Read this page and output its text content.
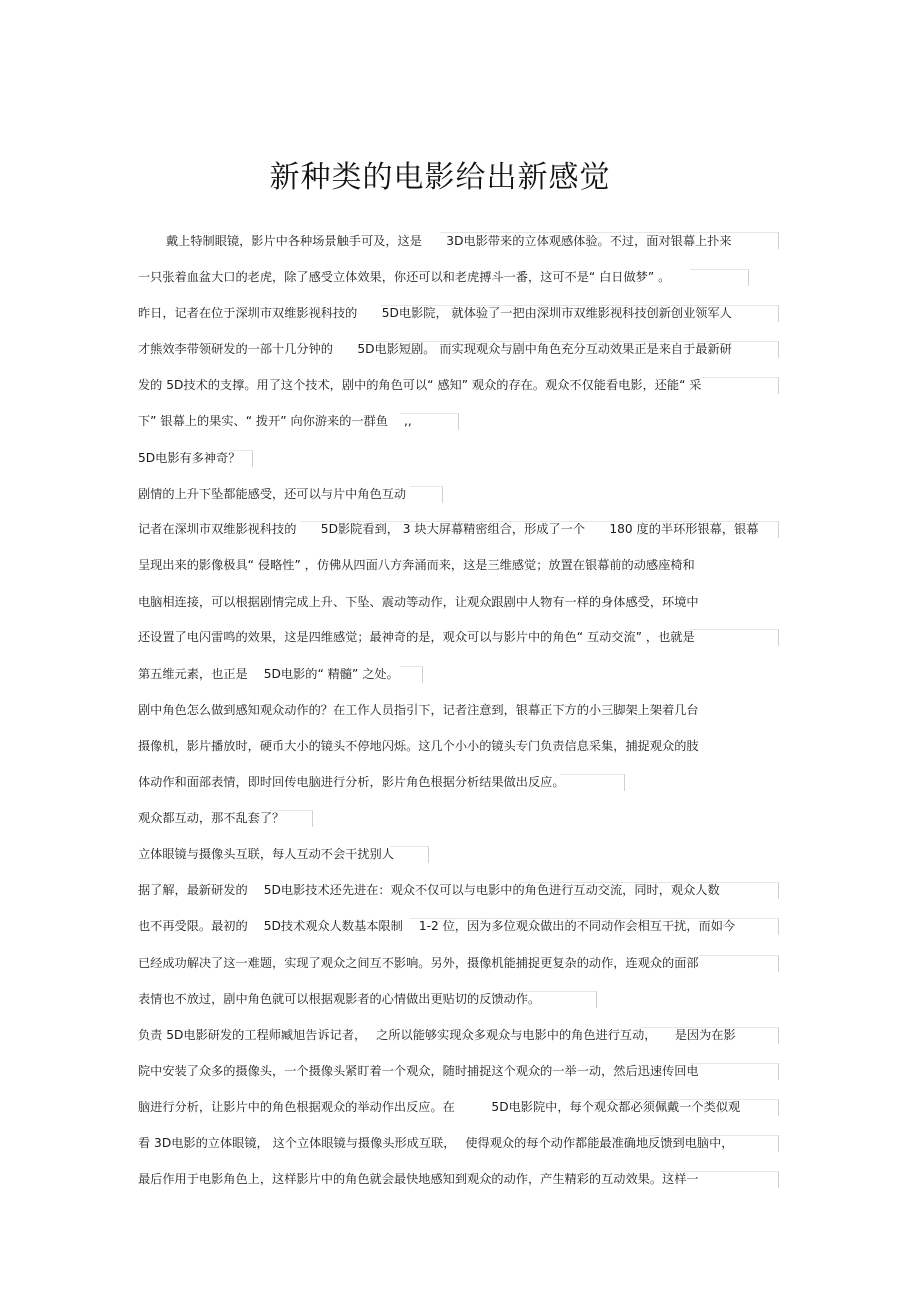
新种类的电影给出新感觉

戴上特制眼镜，影片中各种场景触手可及，这是　　3D电影带来的立体观感体验。不过，面对银幕上扑来

一只张着血盆大口的老虎，除了感受立体效果，你还可以和老虎搏斗一番，这可不是“ 白日做梦” 。

昨日，记者在位于深圳市双维影视科技的　　5D电影院， 就体验了一把由深圳市双维影视科技创新创业领军人

才熊效李带领研发的一部十几分钟的　　5D电影短剧。 而实现观众与剧中角色充分互动效果正是来自于最新研

发的 5D技术的支撑。用了这个技术，剧中的角色可以“ 感知” 观众的存在。观众不仅能看电影，还能“ 采

下” 银幕上的果实、“ 拨开” 向你游来的一群鱼　 ,,

5D电影有多神奇？

剧情的上升下坠都能感受，还可以与片中角色互动

记者在深圳市双维影视科技的　　5D影院看到， 3 块大屏幕精密组合，形成了一个　　180 度的半环形银幕，银幕

呈现出来的影像极具“ 侵略性” ，仿佛从四面八方奔涌而来，这是三维感觉；放置在银幕前的动感座椅和

电脑相连接，可以根据剧情完成上升、下坠、震动等动作，让观众跟剧中人物有一样的身体感受，环境中

还设置了电闪雷鸣的效果，这是四维感觉；最神奇的是，观众可以与影片中的角色“ 互动交流” ，也就是

第五维元素，也正是　 5D电影的“ 精髓” 之处。

剧中角色怎么做到感知观众动作的？在工作人员指引下，记者注意到，银幕正下方的小三脚架上架着几台

摄像机，影片播放时，硬币大小的镜头不停地闪烁。这几个小小的镜头专门负责信息采集，捕捉观众的肢

体动作和面部表情，即时回传电脑进行分析，影片角色根据分析结果做出反应。

观众都互动，那不乱套了？

立体眼镜与摄像头互联，每人互动不会干扰别人

据了解，最新研发的　 5D电影技术还先进在：观众不仅可以与电影中的角色进行互动交流，同时，观众人数

也不再受限。最初的　 5D技术观众人数基本限制　 1-2 位，因为多位观众做出的不同动作会相互干扰，而如今

已经成功解决了这一难题，实现了观众之间互不影响。另外，摄像机能捕捉更复杂的动作，连观众的面部

表情也不放过，剧中角色就可以根据观影者的心情做出更贴切的反馈动作。

负责 5D电影研发的工程师臧旭告诉记者，　 之所以能够实现众多观众与电影中的角色进行互动，　　是因为在影

院中安装了众多的摄像头，一个摄像头紧盯着一个观众，随时捕捉这个观众的一举一动，然后迅速传回电

脑进行分析，让影片中的角色根据观众的举动作出反应。在　　　5D电影院中，每个观众都必须佩戴一个类似观

看 3D电影的立体眼镜， 这个立体眼镜与摄像头形成互联，　 使得观众的每个动作都能最准确地反馈到电脑中，

最后作用于电影角色上，这样影片中的角色就会最快地感知到观众的动作，产生精彩的互动效果。这样一
